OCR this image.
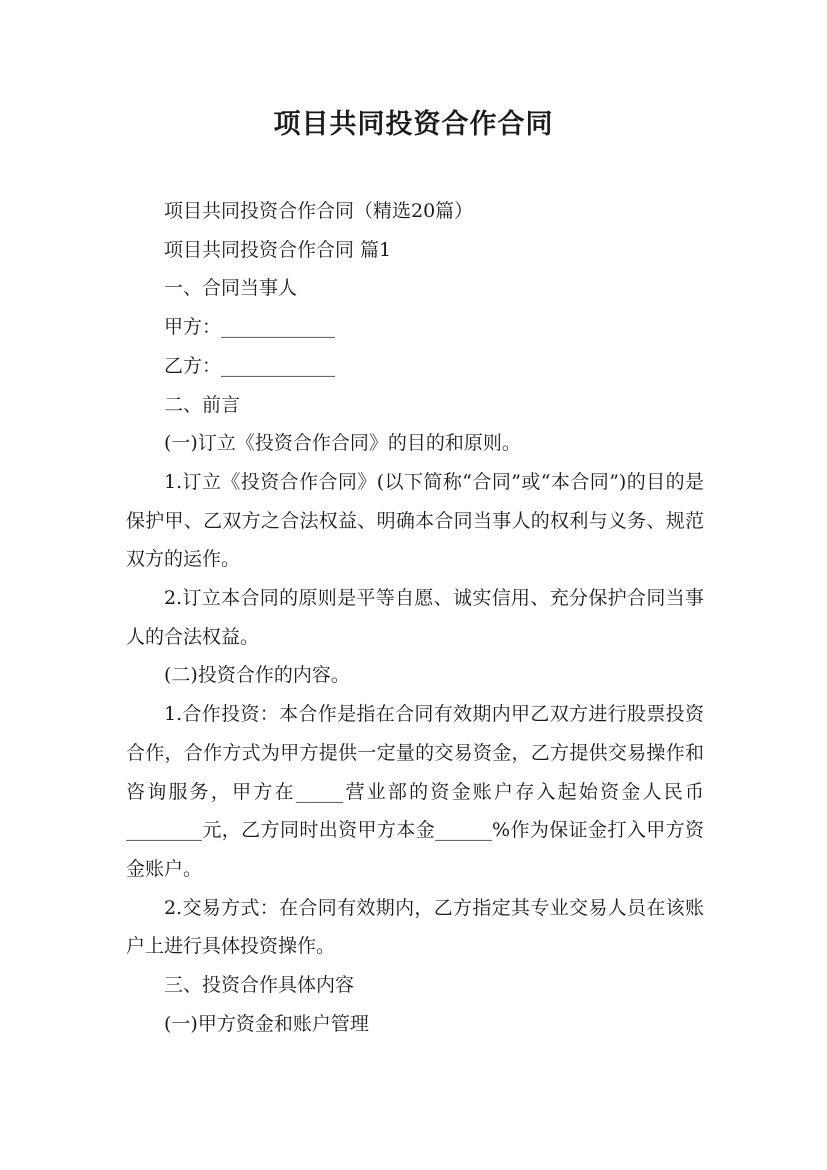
项目共同投资合作合同

项目共同投资合作合同（精选20篇）

项目共同投资合作合同 篇1

一、合同当事人

甲方：____________

乙方：____________

二、前言

(一)订立《投资合作合同》的目的和原则。

1.订立《投资合作合同》(以下简称“合同”或“本合同”)的目的是保护甲、乙双方之合法权益、明确本合同当事人的权利与义务、规范双方的运作。

2.订立本合同的原则是平等自愿、诚实信用、充分保护合同当事人的合法权益。

(二)投资合作的内容。

1.合作投资：本合作是指在合同有效期内甲乙双方进行股票投资合作，合作方式为甲方提供一定量的交易资金，乙方提供交易操作和咨询服务，甲方在_____营业部的资金账户存入起始资金人民币________元，乙方同时出资甲方本金______%作为保证金打入甲方资金账户。

2.交易方式：在合同有效期内，乙方指定其专业交易人员在该账户上进行具体投资操作。

三、投资合作具体内容

(一)甲方资金和账户管理
